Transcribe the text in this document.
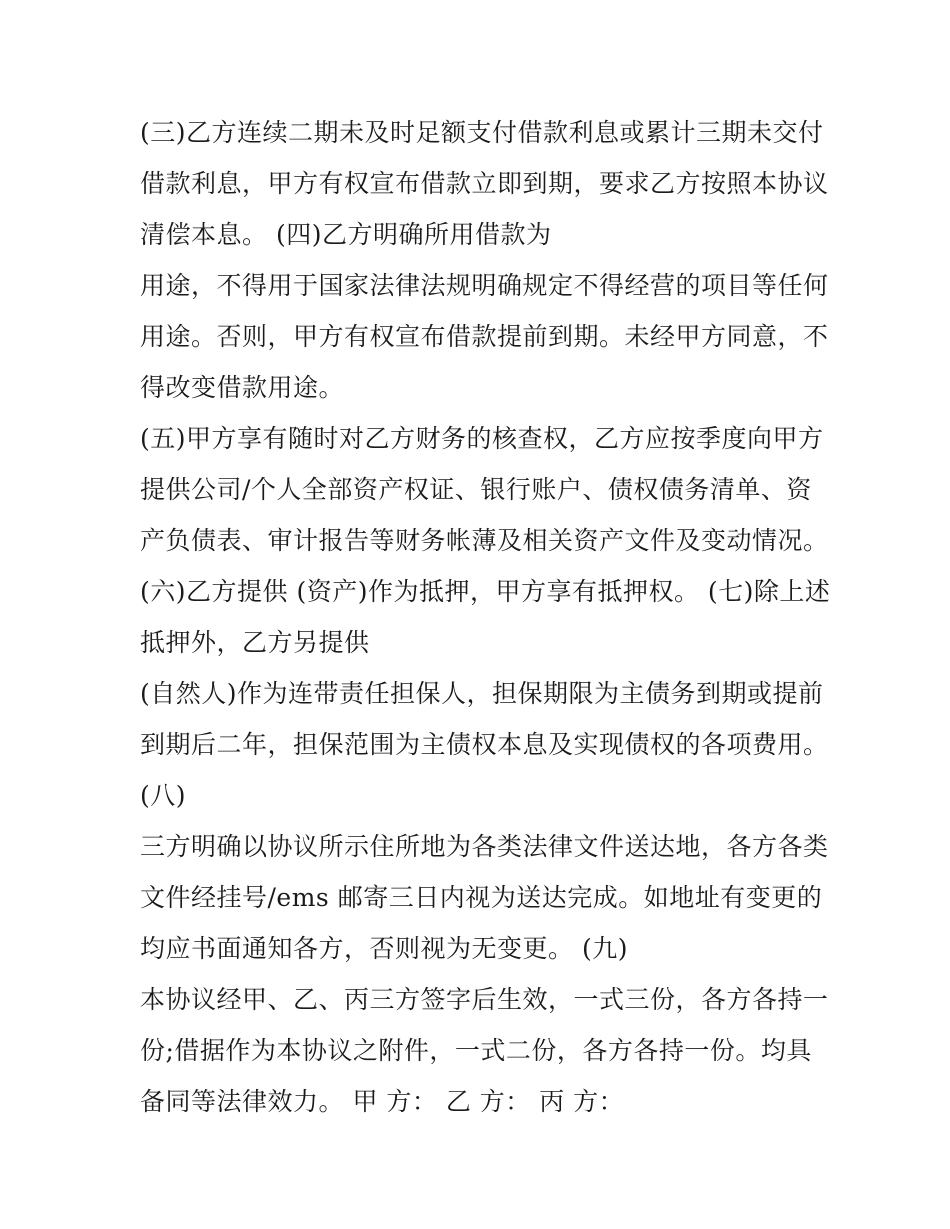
(三)乙方连续二期未及时足额支付借款利息或累计三期未交付
借款利息，甲方有权宣布借款立即到期，要求乙方按照本协议
清偿本息。 (四)乙方明确所用借款为
用途，不得用于国家法律法规明确规定不得经营的项目等任何
用途。否则，甲方有权宣布借款提前到期。未经甲方同意，不
得改变借款用途。
(五)甲方享有随时对乙方财务的核查权，乙方应按季度向甲方
提供公司/个人全部资产权证、银行账户、债权债务清单、资
产负债表、审计报告等财务帐薄及相关资产文件及变动情况。
(六)乙方提供 (资产)作为抵押，甲方享有抵押权。 (七)除上述
抵押外，乙方另提供
(自然人)作为连带责任担保人，担保期限为主债务到期或提前
到期后二年，担保范围为主债权本息及实现债权的各项费用。
(八)
三方明确以协议所示住所地为各类法律文件送达地，各方各类
文件经挂号/ems 邮寄三日内视为送达完成。如地址有变更的
均应书面通知各方，否则视为无变更。 (九)
本协议经甲、乙、丙三方签字后生效，一式三份，各方各持一
份;借据作为本协议之附件，一式二份，各方各持一份。均具
备同等法律效力。 甲 方： 乙 方： 丙 方：
